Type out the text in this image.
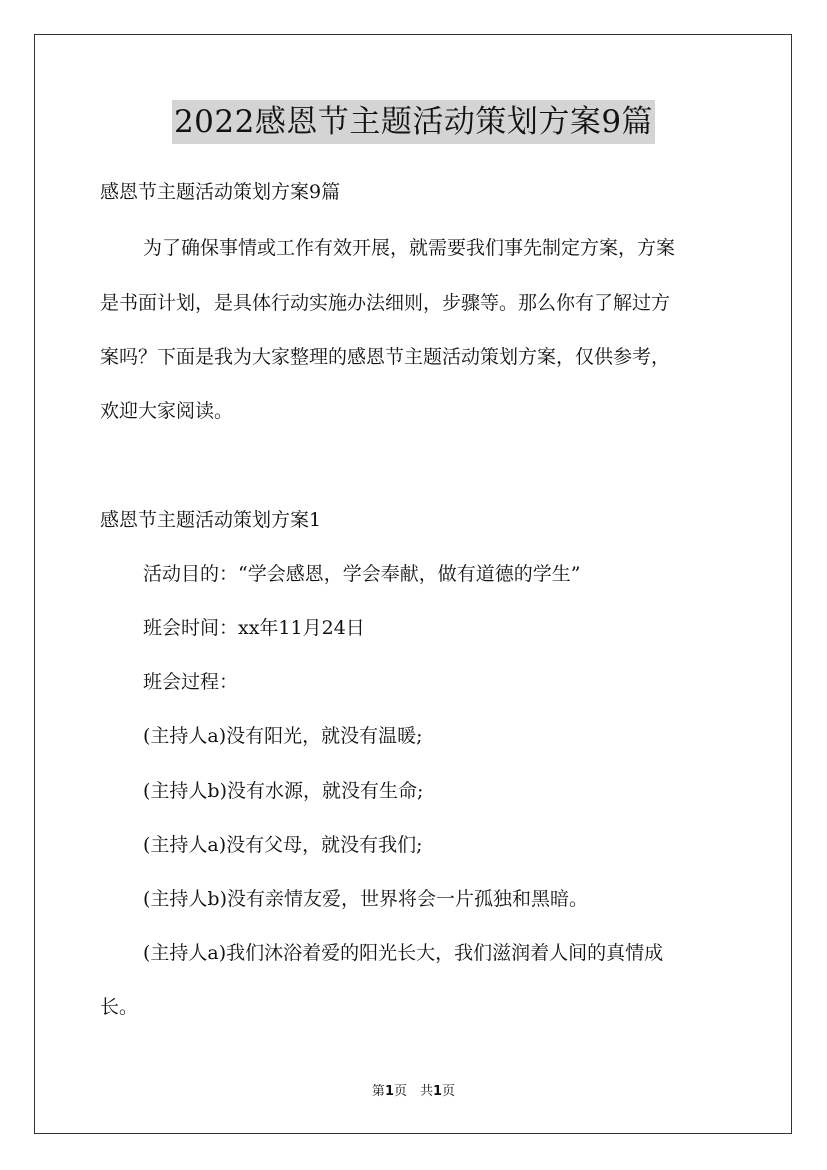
2022感恩节主题活动策划方案9篇
感恩节主题活动策划方案9篇
为了确保事情或工作有效开展，就需要我们事先制定方案，方案
是书面计划，是具体行动实施办法细则，步骤等。那么你有了解过方
案吗？下面是我为大家整理的感恩节主题活动策划方案，仅供参考，
欢迎大家阅读。
感恩节主题活动策划方案1
活动目的：“学会感恩，学会奉献，做有道德的学生”
班会时间：xx年11月24日
班会过程：
(主持人a)没有阳光，就没有温暖;
(主持人b)没有水源，就没有生命;
(主持人a)没有父母，就没有我们;
(主持人b)没有亲情友爱，世界将会一片孤独和黑暗。
(主持人a)我们沐浴着爱的阳光长大，我们滋润着人间的真情成
长。
第1页　共1页
